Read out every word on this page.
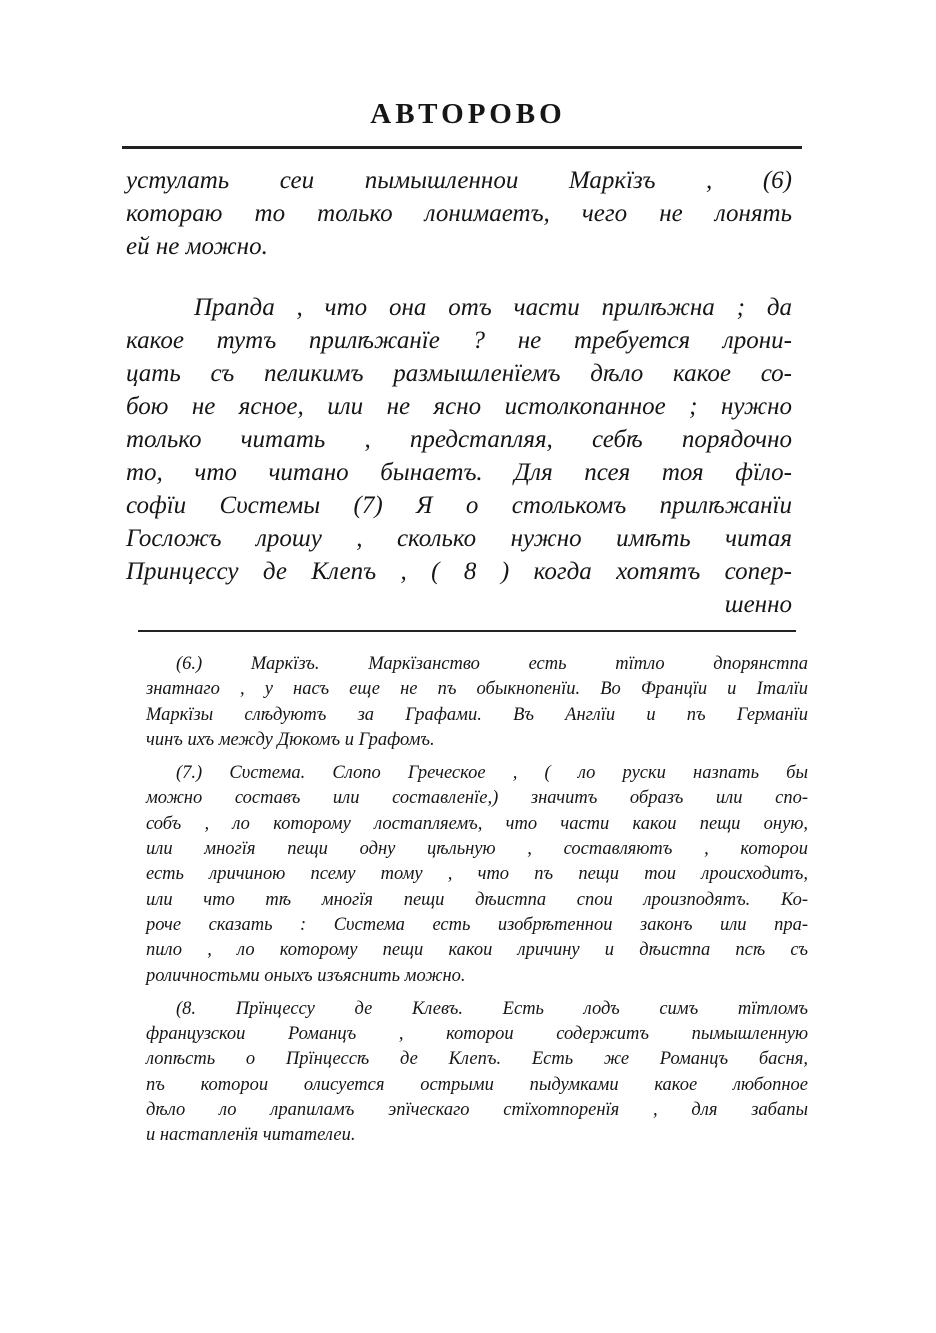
АВТОРОВО
устулать сеи пымышленнои Маркїзъ , (6)
котораю то только лонимаетъ, чего не лонять
ей не можно.
Прапда , что она отъ части прилѣжна ; да
какое тутъ прилѣжанїе ? не требуется лрони-
цать съ пеликимъ размышленїемъ дѣло какое со-
бою не ясное, или не ясно истолкопанное ; нужно
только читать , предстапляя, себѣ порядочно
то, что читано бынаетъ. Для псея тоя фїло-
софїи Сυстемы (7) Я о столькомъ прилѣжанїи
Госложъ лрошу , сколько нужно имѣть читая
Принцессу де Клепъ , ( 8 ) когда хотятъ сопер-
шенно
(6.) Маркїзъ. Маркїзанство есть тїтло дпорянстпа
знатнаго , у насъ еще не пъ обыкнопенїи. Во Францїи и Італїи
Маркїзы слѣдуютъ за Графами. Въ Англїи и пъ Германїи
чинъ ихъ между Дюкомъ и Графомъ.
(7.) Сυстема. Слопо Греческое , ( ло руски назпать бы
можно составъ или составленїе,) значитъ образъ или спо-
собъ , ло которому лостапляемъ, что части какои пещи оную,
или многїя пещи одну цѣльную , составляютъ , которои
есть лричиною псему тому , что пъ пещи тои лроисходитъ,
или что тѣ многїя пещи дѣистпа спои лроизподятъ. Ко-
роче сказать : Сυстема есть изобрѣтеннои законъ или пра-
пило , ло которому пещи какои лричину и дѣистпа псѣ съ
роличностьми оныхъ изъяснить можно.
(8. Прїнцессу де Клевъ. Есть лодъ симъ тїтломъ
французскои Романцъ , которои содержитъ пымышленную
лопѣсть о Прїнцессѣ де Клепъ. Есть же Романцъ басня,
пъ которои олисуется острыми пыдумками какое любопное
дѣло ло лрапиламъ эпїческаго стїхотпоренїя , для забапы
и настапленїя читателеи.
